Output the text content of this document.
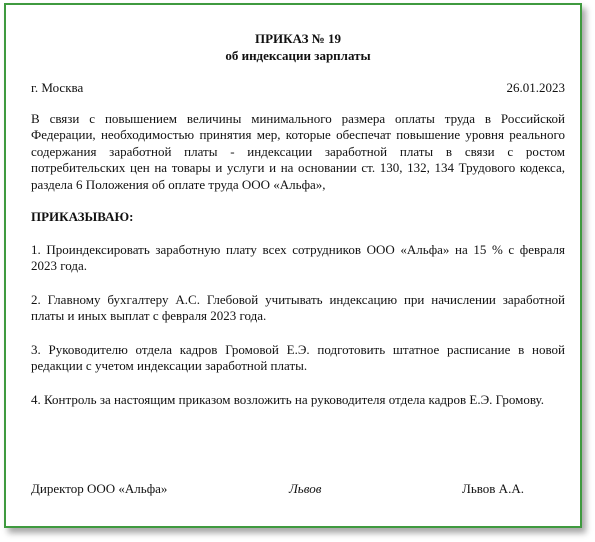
ПРИКАЗ № 19

об индексации зарплаты

г. Москва	26.01.2023

В связи с повышением величины минимального размера оплаты труда в Российской Федерации, необходимостью принятия мер, которые обеспечат повышение уровня реального содержания заработной платы - индексации заработной платы в связи с ростом потребительских цен на товары и услуги и на основании ст. 130, 132, 134 Трудового кодекса, раздела 6 Положения об оплате труда ООО «Альфа»,

ПРИКАЗЫВАЮ:

1. Проиндексировать заработную плату всех сотрудников ООО «Альфа» на 15 % с февраля 2023 года.

2. Главному бухгалтеру А.С. Глебовой учитывать индексацию при начислении заработной платы и иных выплат с февраля 2023 года.

3. Руководителю отдела кадров Громовой Е.Э. подготовить штатное расписание в новой редакции с учетом индексации заработной платы.

4. Контроль за настоящим приказом возложить на руководителя отдела кадров Е.Э. Громову.

Директор ООО «Альфа»	Львов	Львов А.А.
